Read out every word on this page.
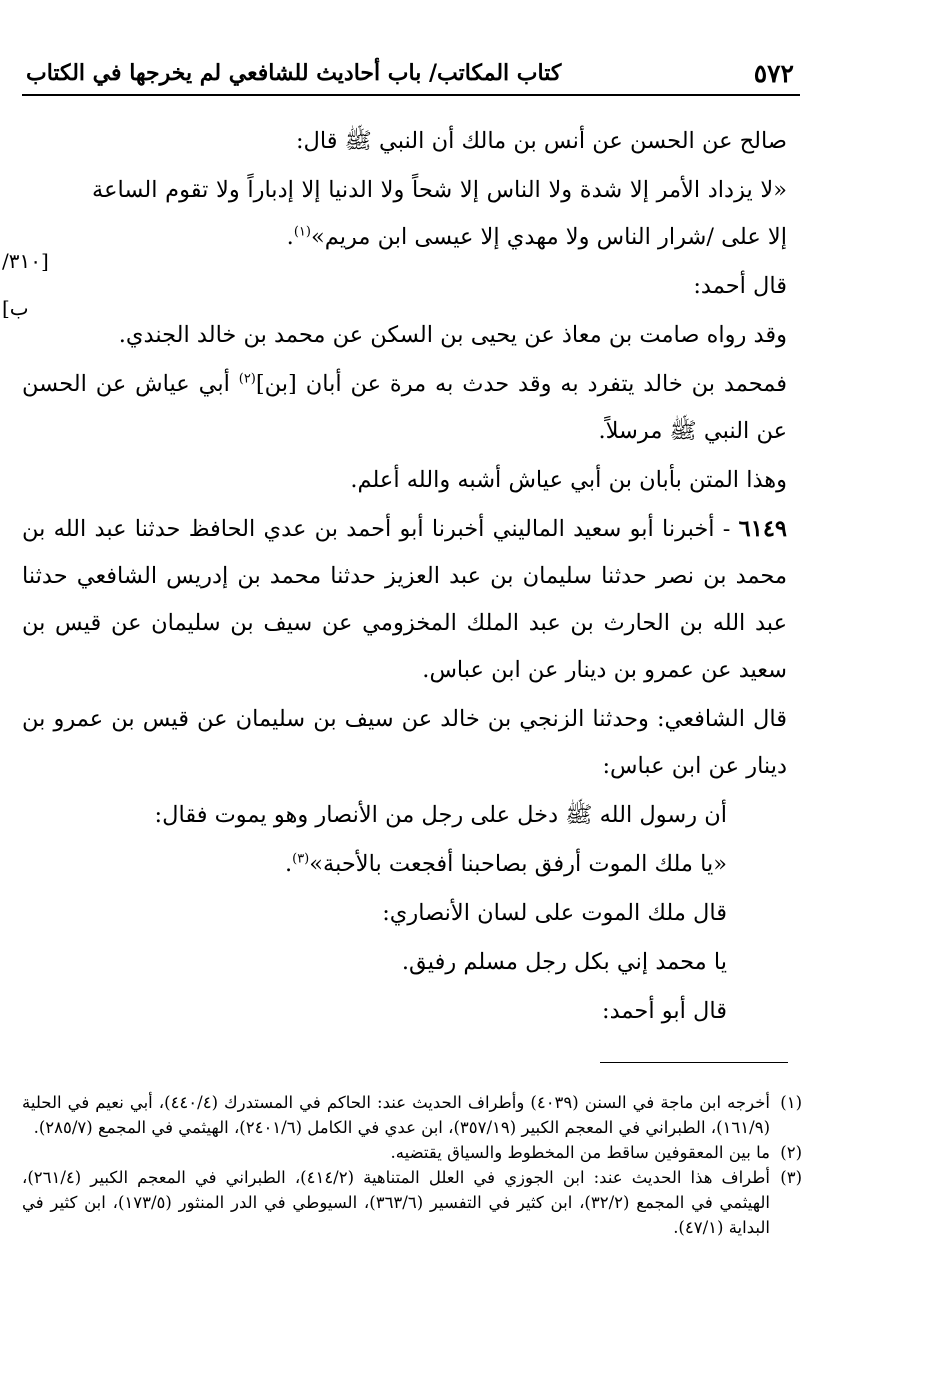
٥٧٢
كتاب المكاتب/ باب أحاديث للشافعي لم يخرجها في الكتاب
[٣١٠/ ب]

صالح عن الحسن عن أنس بن مالك أن النبي ﷺ قال:

«لا يزداد الأمر إلا شدة ولا الناس إلا شحاً ولا الدنيا إلا إدباراً ولا تقوم الساعة إلا على /شرار الناس ولا مهدي إلا عيسى ابن مريم»$^{(١)}$.

قال أحمد:

وقد رواه صامت بن معاذ عن يحيى بن السكن عن محمد بن خالد الجندي.

فمحمد بن خالد يتفرد به وقد حدث به مرة عن أبان [بن]$^{(٢)}$ أبي عياش عن الحسن عن النبي ﷺ مرسلاً.

وهذا المتن بأبان بن أبي عياش أشبه والله أعلم.

٦١٤٩ - أخبرنا أبو سعيد الماليني أخبرنا أبو أحمد بن عدي الحافظ حدثنا عبد الله بن محمد بن نصر حدثنا سليمان بن عبد العزيز حدثنا محمد بن إدريس الشافعي حدثنا عبد الله بن الحارث بن عبد الملك المخزومي عن سيف بن سليمان عن قيس بن سعيد عن عمرو بن دينار عن ابن عباس.

قال الشافعي: وحدثنا الزنجي بن خالد عن سيف بن سليمان عن قيس بن عمرو بن دينار عن ابن عباس:

أن رسول الله ﷺ دخل على رجل من الأنصار وهو يموت فقال:

«يا ملك الموت أرفق بصاحبنا أفجعت بالأحبة»$^{(٣)}$.

قال ملك الموت على لسان الأنصاري:

يا محمد إني بكل رجل مسلم رفيق.

قال أبو أحمد:

(١)
أخرجه ابن ماجة في السنن (٤٠٣٩) وأطراف الحديث عند: الحاكم في المستدرك (٤٤٠/٤)، أبي نعيم في الحلية (١٦١/٩)، الطبراني في المعجم الكبير (٣٥٧/١٩)، ابن عدي في الكامل (٢٤٠١/٦)، الهيثمي في المجمع (٢٨٥/٧).
(٢)
ما بين المعقوفين ساقط من المخطوط والسياق يقتضيه.
(٣)
أطراف هذا الحديث عند: ابن الجوزي في العلل المتناهية (٤١٤/٢)، الطبراني في المعجم الكبير (٢٦١/٤)، الهيثمي في المجمع (٣٢/٢)، ابن كثير في التفسير (٣٦٣/٦)، السيوطي في الدر المنثور (١٧٣/٥)، ابن كثير في البداية (٤٧/١).
